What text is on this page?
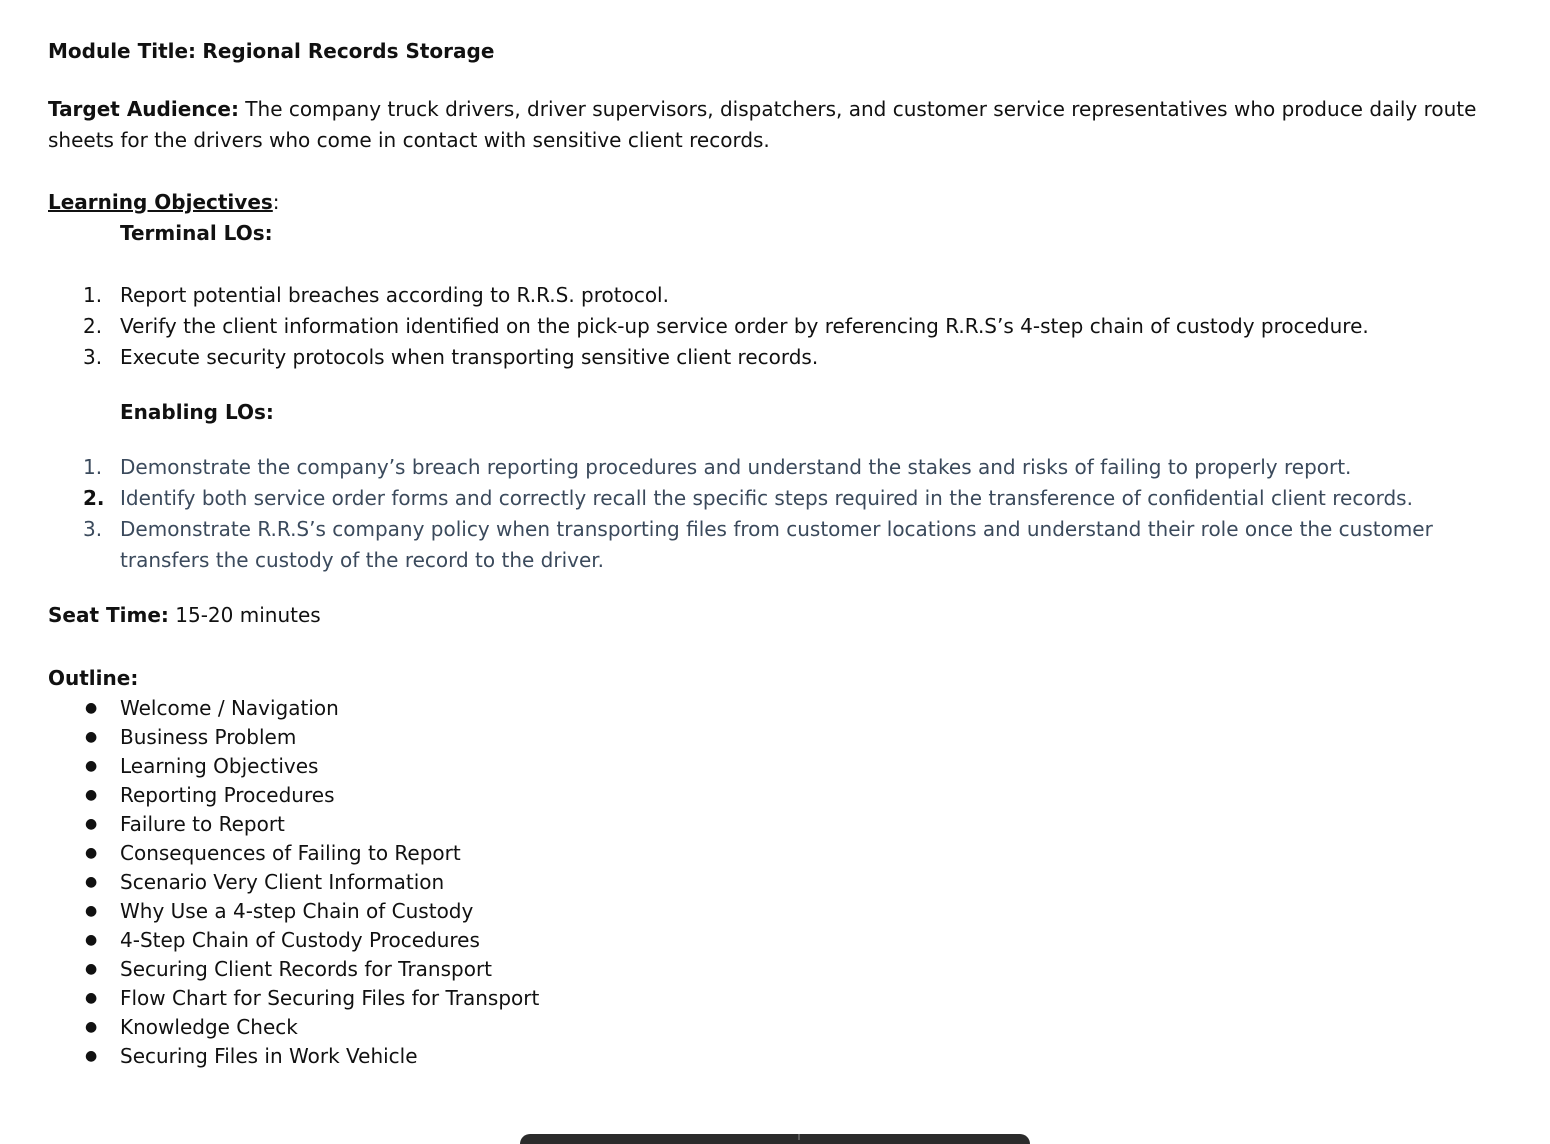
Module Title: Regional Records Storage
Target Audience: The company truck drivers, driver supervisors, dispatchers, and customer service representatives who produce daily route sheets for the drivers who come in contact with sensitive client records.
Learning Objectives:
Terminal LOs:
1. Report potential breaches according to R.R.S. protocol.
2. Verify the client information identified on the pick-up service order by referencing R.R.S’s 4-step chain of custody procedure.
3. Execute security protocols when transporting sensitive client records.
Enabling LOs:
1. Demonstrate the company’s breach reporting procedures and understand the stakes and risks of failing to properly report.
2. Identify both service order forms and correctly recall the specific steps required in the transference of confidential client records.
3. Demonstrate R.R.S’s company policy when transporting files from customer locations and understand their role once the customer transfers the custody of the record to the driver.
Seat Time: 15-20 minutes
Outline:
● Welcome / Navigation
● Business Problem
● Learning Objectives
● Reporting Procedures
● Failure to Report
● Consequences of Failing to Report
● Scenario Very Client Information
● Why Use a 4-step Chain of Custody
● 4-Step Chain of Custody Procedures
● Securing Client Records for Transport
● Flow Chart for Securing Files for Transport
● Knowledge Check
● Securing Files in Work Vehicle
